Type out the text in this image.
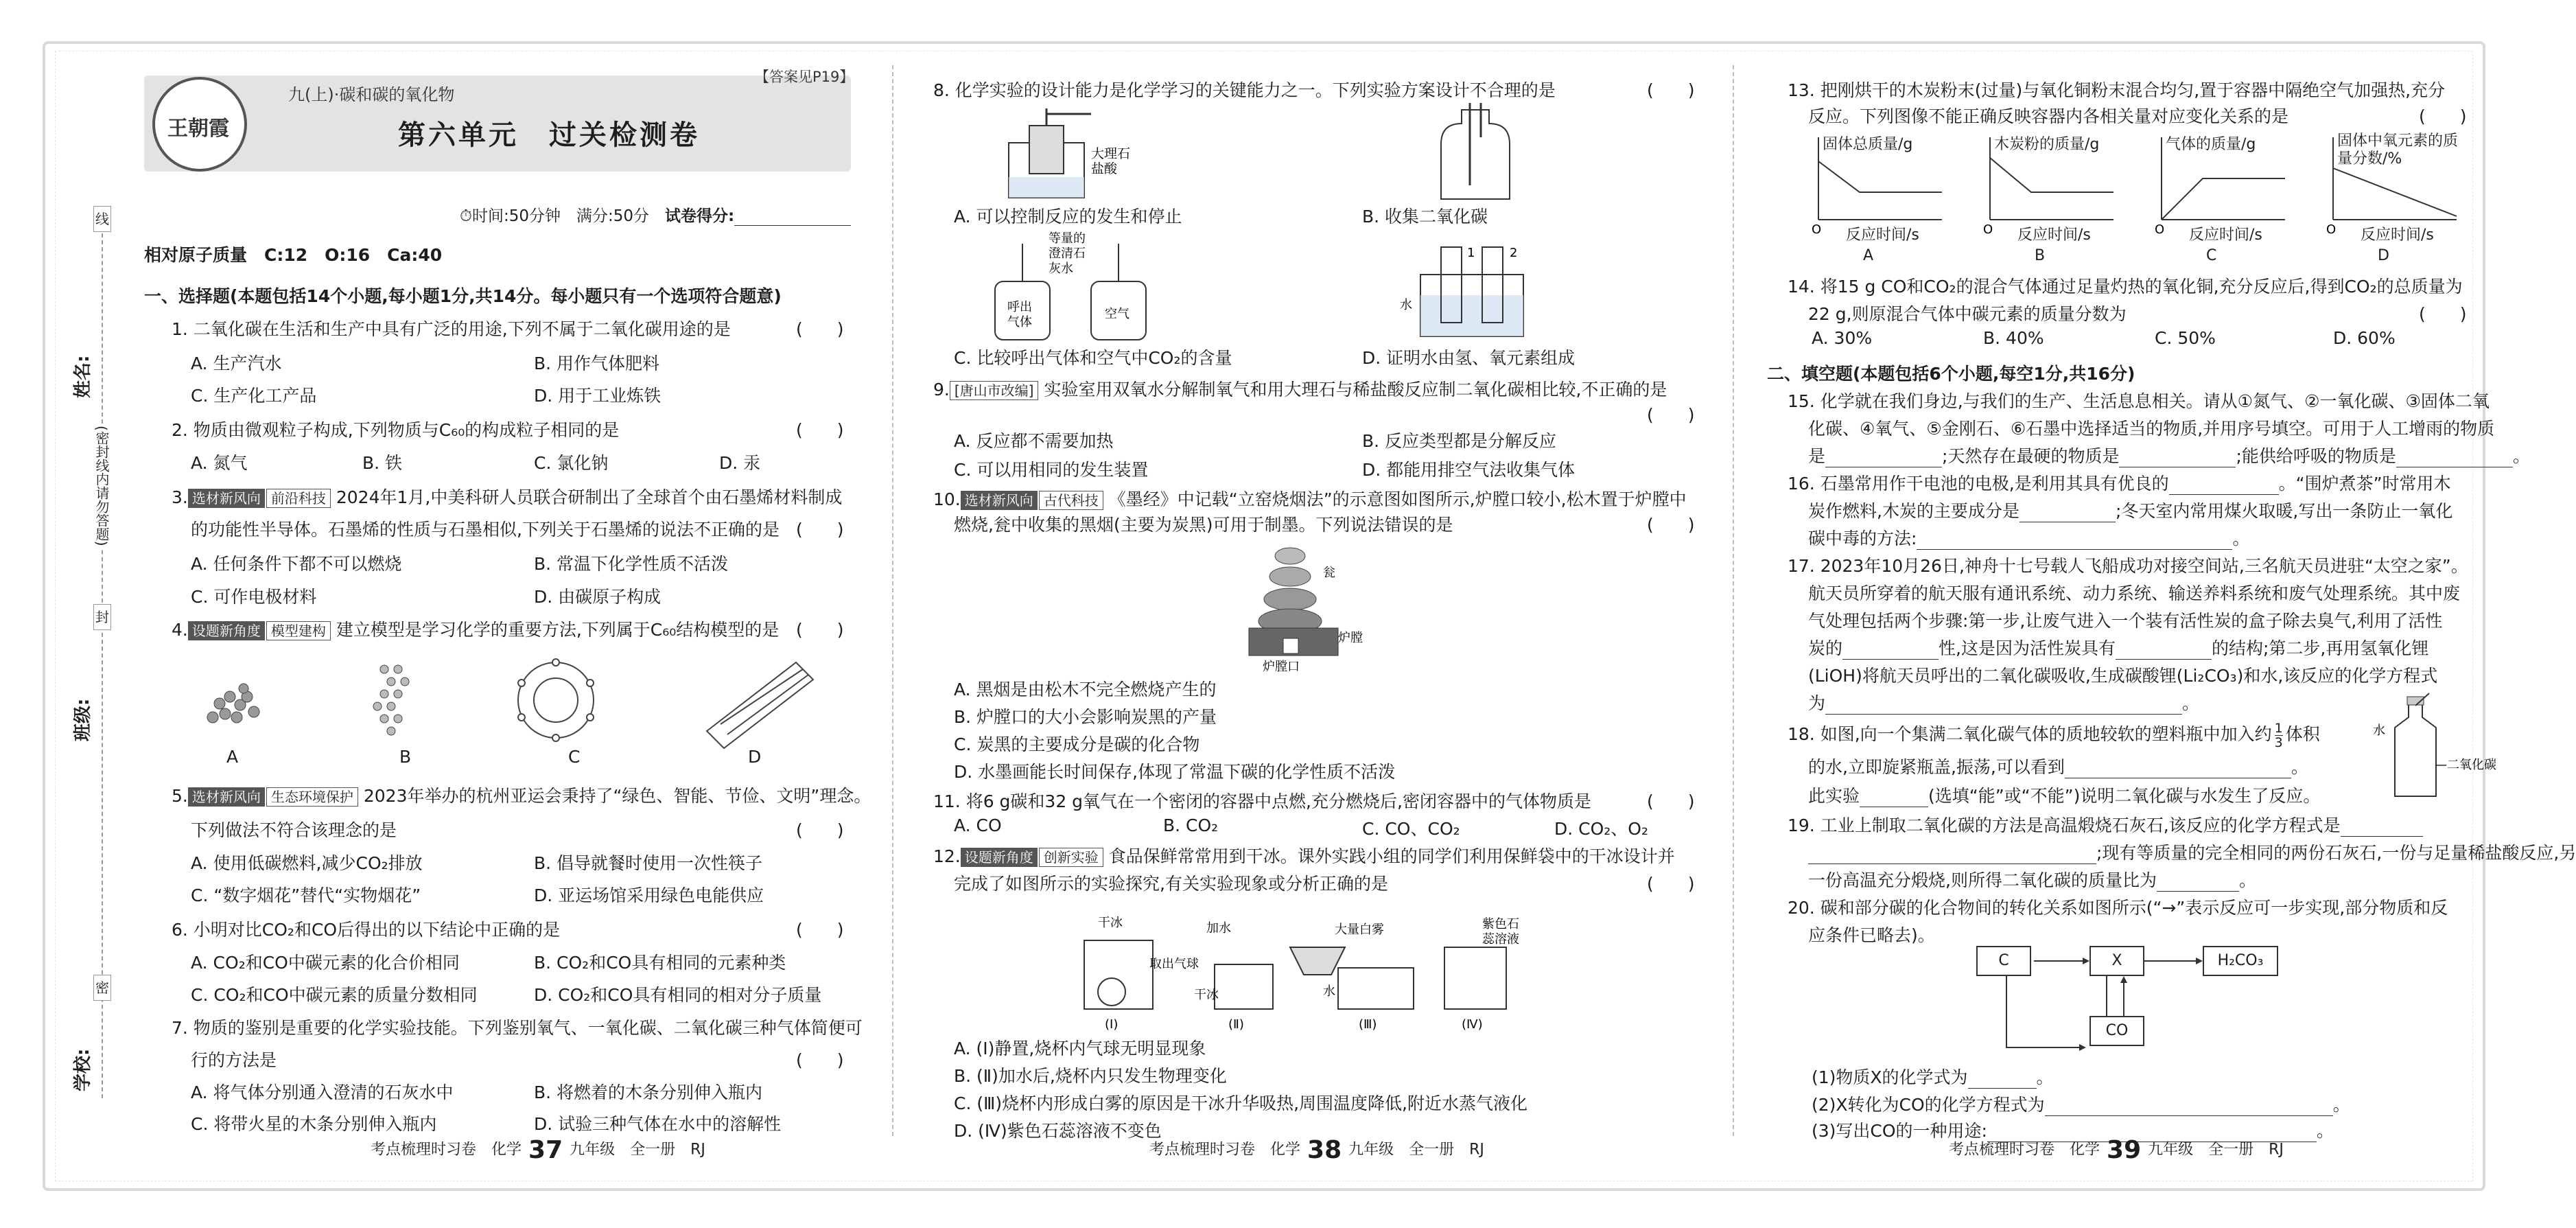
线
封
密
(密封线内请勿答题)
姓名:
班级:
学校:
王朝霞
九(上)·碳和碳的氧化物
第六单元　过关检测卷
【答案见P19】
⏱时间:50分钟　满分:50分　 试卷得分:
相对原子质量　C:12　O:16　Ca:40
一、选择题(本题包括14个小题,每小题1分,共14分。每小题只有一个选项符合题意)
1. 二氧化碳在生活和生产中具有广泛的用途,下列不属于二氧化碳用途的是	(　　)
A. 生产汽水	B. 用作气体肥料
C. 生产化工产品	D. 用于工业炼铁
2. 物质由微观粒子构成,下列物质与C₆₀的构成粒子相同的是	(　　)
A. 氮气	B. 铁	C. 氯化钠	D. 汞
3. 选材新风向 前沿科技 2024年1月,中美科研人员联合研制出了全球首个由石墨烯材料制成
的功能性半导体。石墨烯的性质与石墨相似,下列关于石墨烯的说法不正确的是 (　　)
A. 任何条件下都不可以燃烧	B. 常温下化学性质不活泼
C. 可作电极材料	D. 由碳原子构成
4. 设题新角度 模型建构 建立模型是学习化学的重要方法,下列属于C₆₀结构模型的是 (　　)
A	B	C	D
5. 选材新风向 生态环境保护 2023年举办的杭州亚运会秉持了“绿色、智能、节俭、文明”理念。
下列做法不符合该理念的是	(　　)
A. 使用低碳燃料,减少CO₂排放	B. 倡导就餐时使用一次性筷子
C. “数字烟花”替代“实物烟花”	D. 亚运场馆采用绿色电能供应
6. 小明对比CO₂和CO后得出的以下结论中正确的是	(　　)
A. CO₂和CO中碳元素的化合价相同	B. CO₂和CO具有相同的元素种类
C. CO₂和CO中碳元素的质量分数相同	D. CO₂和CO具有相同的相对分子质量
7. 物质的鉴别是重要的化学实验技能。下列鉴别氧气、一氧化碳、二氧化碳三种气体简便可
行的方法是	(　　)
A. 将气体分别通入澄清的石灰水中	B. 将燃着的木条分别伸入瓶内
C. 将带火星的木条分别伸入瓶内	D. 试验三种气体在水中的溶解性
考点梳理时习卷　化学 37 九年级　全一册　RJ
8. 化学实验的设计能力是化学学习的关键能力之一。下列实验方案设计不合理的是	(　　)
大理石
盐酸
A. 可以控制反应的发生和停止	B. 收集二氧化碳
等量的
澄清石
灰水
呼出
气体
空气
水
1	2
C. 比较呼出气体和空气中CO₂的含量	D. 证明水由氢、氧元素组成
9. [唐山市改编] 实验室用双氧水分解制氧气和用大理石与稀盐酸反应制二氧化碳相比较,不正确的是
(　　)
A. 反应都不需要加热	B. 反应类型都是分解反应
C. 可以用相同的发生装置	D. 都能用排空气法收集气体
10. 选材新风向 古代科技 《墨经》中记载“立窑烧烟法”的示意图如图所示,炉膛口较小,松木置于炉膛中
燃烧,瓮中收集的黑烟(主要为炭黑)可用于制墨。下列说法错误的是	(　　)
瓮
炉膛
炉膛口
A. 黑烟是由松木不完全燃烧产生的
B. 炉膛口的大小会影响炭黑的产量
C. 炭黑的主要成分是碳的化合物
D. 水墨画能长时间保存,体现了常温下碳的化学性质不活泼
11. 将6 g碳和32 g氧气在一个密闭的容器中点燃,充分燃烧后,密闭容器中的气体物质是	(　　)
A. CO	B. CO₂	C. CO、CO₂	D. CO₂、O₂
12. 设题新角度 创新实验 食品保鲜常常用到干冰。课外实践小组的同学们利用保鲜袋中的干冰设计并
完成了如图所示的实验探究,有关实验现象或分析正确的是	(　　)
干冰	加水
取出气球
大量白雾
水
紫色石
蕊溶液
干冰
(Ⅰ)	(Ⅱ)	(Ⅲ)	(Ⅳ)
A. (Ⅰ)静置,烧杯内气球无明显现象
B. (Ⅱ)加水后,烧杯内只发生物理变化
C. (Ⅲ)烧杯内形成白雾的原因是干冰升华吸热,周围温度降低,附近水蒸气液化
D. (Ⅳ)紫色石蕊溶液不变色
考点梳理时习卷　化学 38 九年级　全一册　RJ
13. 把刚烘干的木炭粉末(过量)与氧化铜粉末混合均匀,置于容器中隔绝空气加强热,充分
反应。下列图像不能正确反映容器内各相关量对应变化关系的是	(　　)
O	O	O	O
固体总质量/g	木炭粉的质量/g	气体的质量/g	固体中氧元素的质量分数/%
反应时间/s	反应时间/s	反应时间/s	反应时间/s
A	B	C	D
14. 将15 g CO和CO₂的混合气体通过足量灼热的氧化铜,充分反应后,得到CO₂的总质量为
22 g,则原混合气体中碳元素的质量分数为	(　　)
A. 30%	B. 40%	C. 50%	D. 60%
二、填空题(本题包括6个小题,每空1分,共16分)
15. 化学就在我们身边,与我们的生产、生活息息相关。请从①氮气、②一氧化碳、③固体二氧
化碳、④氧气、⑤金刚石、⑥石墨中选择适当的物质,并用序号填空。可用于人工增雨的物质
是	;天然存在最硬的物质是	;能供给呼吸的物质是	。
16. 石墨常用作干电池的电极,是利用其具有优良的	。“围炉煮茶”时常用木
炭作燃料,木炭的主要成分是	;冬天室内常用煤火取暖,写出一条防止一氧化
碳中毒的方法:	。
17. 2023年10月26日,神舟十七号载人飞船成功对接空间站,三名航天员进驻“太空之家”。
航天员所穿着的航天服有通讯系统、动力系统、输送养料系统和废气处理系统。其中废
气处理包括两个步骤:第一步,让废气进入一个装有活性炭的盒子除去臭气,利用了活性
炭的	性,这是因为活性炭具有	的结构;第二步,再用氢氧化锂
(LiOH)将航天员呼出的二氧化碳吸收,生成碳酸锂(Li₂CO₃)和水,该反应的化学方程式
为	。
18. 如图,向一个集满二氧化碳气体的质地较软的塑料瓶中加入约 $\frac{1}{3}$ 体积
的水,立即旋紧瓶盖,振荡,可以看到	。
此实验	(选填“能”或“不能”)说明二氧化碳与水发生了反应。
水
—二氧化碳
19. 工业上制取二氧化碳的方法是高温煅烧石灰石,该反应的化学方程式是
;现有等质量的完全相同的两份石灰石,一份与足量稀盐酸反应,另
一份高温充分煅烧,则所得二氧化碳的质量比为	。
20. 碳和部分碳的化合物间的转化关系如图所示(“→”表示反应可一步实现,部分物质和反
应条件已略去)。
C	X	H₂CO₃
CO
(1)物质X的化学式为	。
(2)X转化为CO的化学方程式为	。
(3)写出CO的一种用途:	。
考点梳理时习卷　化学 39 九年级　全一册　RJ
